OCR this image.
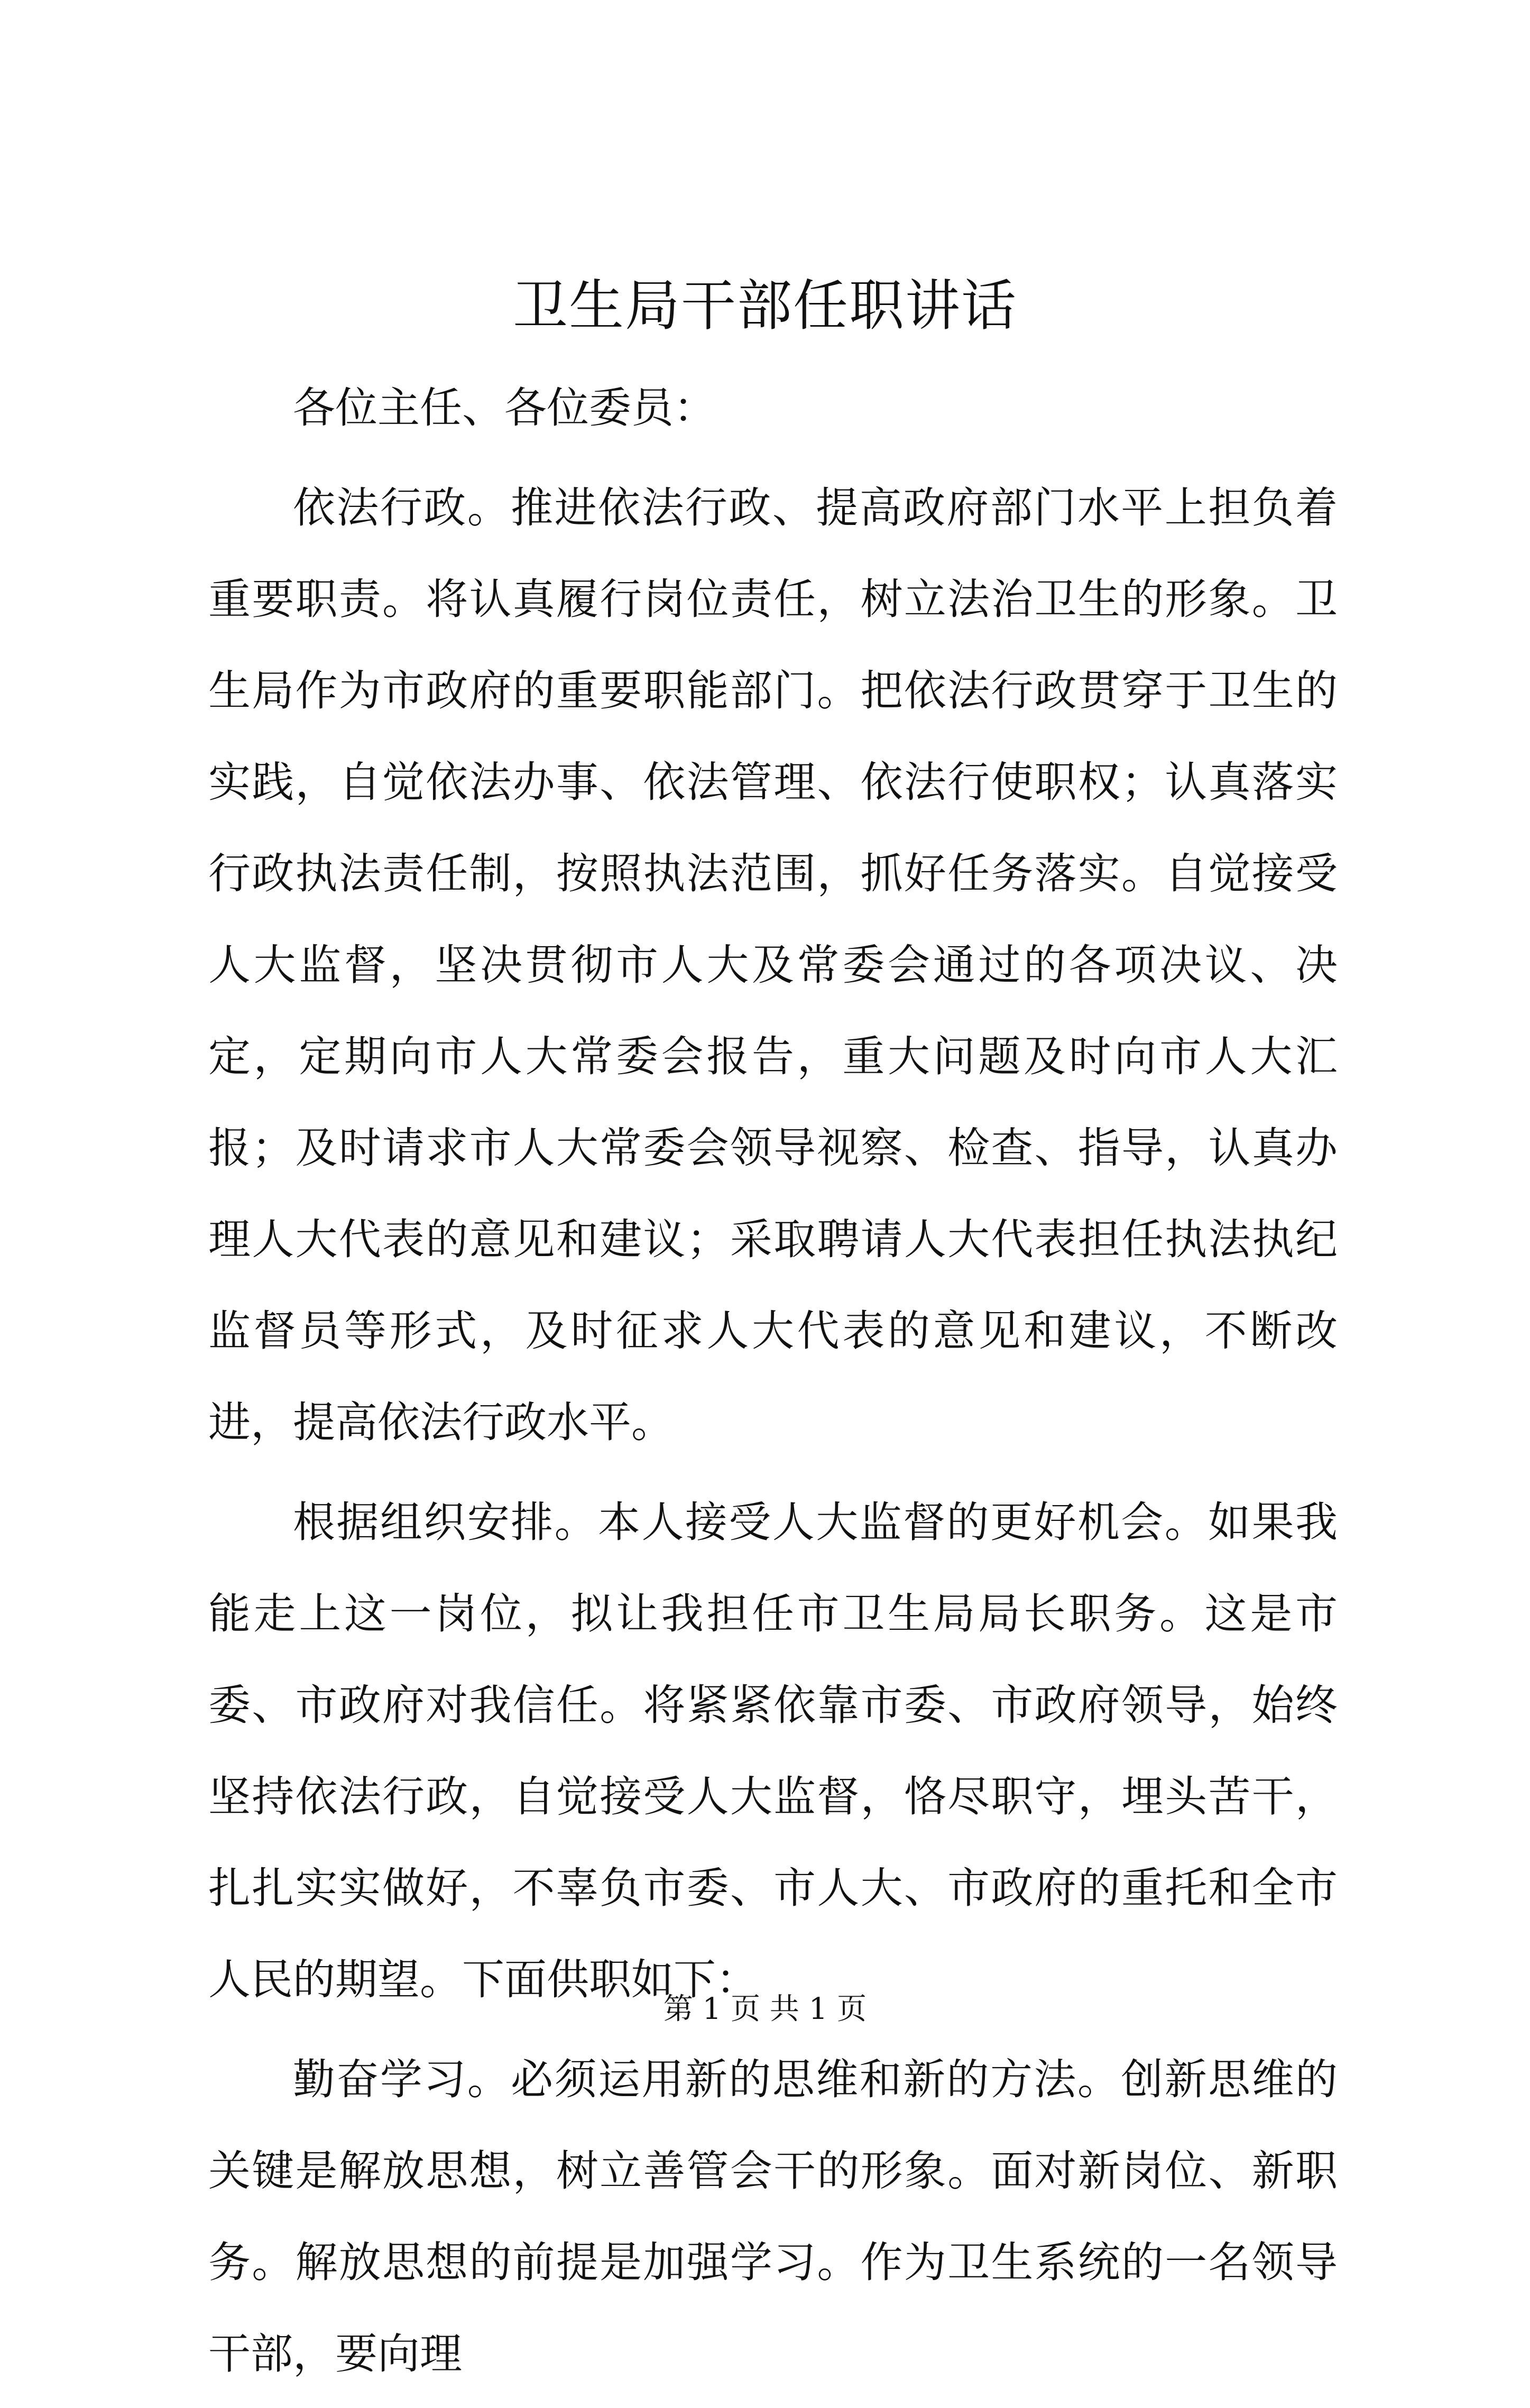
卫生局干部任职讲话

各位主任、各位委员：

依法行政。推进依法行政、提高政府部门水平上担负着重要职责。将认真履行岗位责任，树立法治卫生的形象。卫生局作为市政府的重要职能部门。把依法行政贯穿于卫生的实践，自觉依法办事、依法管理、依法行使职权；认真落实行政执法责任制，按照执法范围，抓好任务落实。自觉接受人大监督，坚决贯彻市人大及常委会通过的各项决议、决定，定期向市人大常委会报告，重大问题及时向市人大汇报；及时请求市人大常委会领导视察、检查、指导，认真办理人大代表的意见和建议；采取聘请人大代表担任执法执纪监督员等形式，及时征求人大代表的意见和建议，不断改进，提高依法行政水平。

根据组织安排。本人接受人大监督的更好机会。如果我能走上这一岗位，拟让我担任市卫生局局长职务。这是市委、市政府对我信任。将紧紧依靠市委、市政府领导，始终坚持依法行政，自觉接受人大监督，恪尽职守，埋头苦干，扎扎实实做好，不辜负市委、市人大、市政府的重托和全市人民的期望。下面供职如下：

勤奋学习。必须运用新的思维和新的方法。创新思维的关键是解放思想，树立善管会干的形象。面对新岗位、新职务。解放思想的前提是加强学习。作为卫生系统的一名领导干部，要向理

第 1 页 共 1 页
